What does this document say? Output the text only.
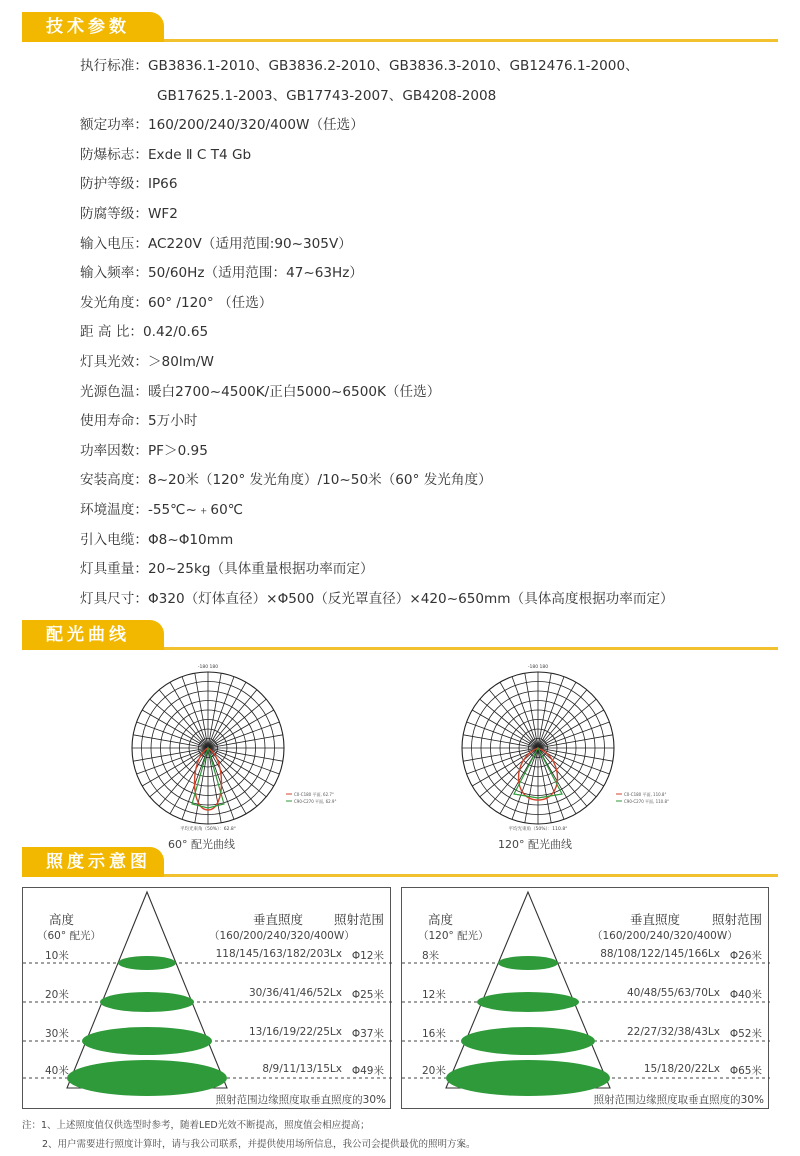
技术参数
执行标准： GB3836.1-2010、GB3836.2-2010、GB3836.3-2010、GB12476.1-2000、
GB17625.1-2003、GB17743-2007、GB4208-2008
额定功率： 160/200/240/320/400W（任选）
防爆标志： Exde Ⅱ C T4 Gb
防护等级： IP66
防腐等级： WF2
输入电压： AC220V（适用范围:90~305V）
输入频率： 50/60Hz（适用范围：47~63Hz）
发光角度： 60° /120° （任选）
距 高 比： 0.42/0.65
灯具光效： ＞80lm/W
光源色温： 暖白2700~4500K/正白5000~6500K（任选）
使用寿命： 5万小时
功率因数： PF＞0.95
安装高度： 8~20米（120° 发光角度）/10~50米（60° 发光角度）
环境温度： -55℃~﹢60℃
引入电缆： Φ8~Φ10mm
灯具重量： 20~25kg（具体重量根据功率而定）
灯具尺寸： Φ320（灯体直径）×Φ500（反光罩直径）×420~650mm（具体高度根据功率而定）
配光曲线
-180 180
平均光束角（50%）：62.8°
C0-C180 平面, 62.7°
C90-C270 平面, 62.9°
-180 180
平均光束角（50%）：110.8°
C0-C180 平面, 110.8°
C90-C270 平面, 110.8°
60° 配光曲线	120° 配光曲线
照度示意图
高度
（60° 配光）
垂直照度 照射范围
（160/200/240/320/400W）
10米	118/145/163/182/203Lx Φ12米
20米	30/36/41/46/52Lx Φ25米
30米	13/16/19/22/25Lx Φ37米
40米	8/9/11/13/15Lx Φ49米
照射范围边缘照度取垂直照度的30%
高度
（120° 配光）
垂直照度	照射范围
（160/200/240/320/400W）
8米	88/108/122/145/166Lx Φ26米
12米	40/48/55/63/70Lx Φ40米
16米	22/27/32/38/43Lx Φ52米
20米	15/18/20/22Lx Φ65米
照射范围边缘照度取垂直照度的30%
注：1、上述照度值仅供选型时参考，随着LED光效不断提高，照度值会相应提高；
2、用户需要进行照度计算时，请与我公司联系，并提供使用场所信息，我公司会提供最优的照明方案。
